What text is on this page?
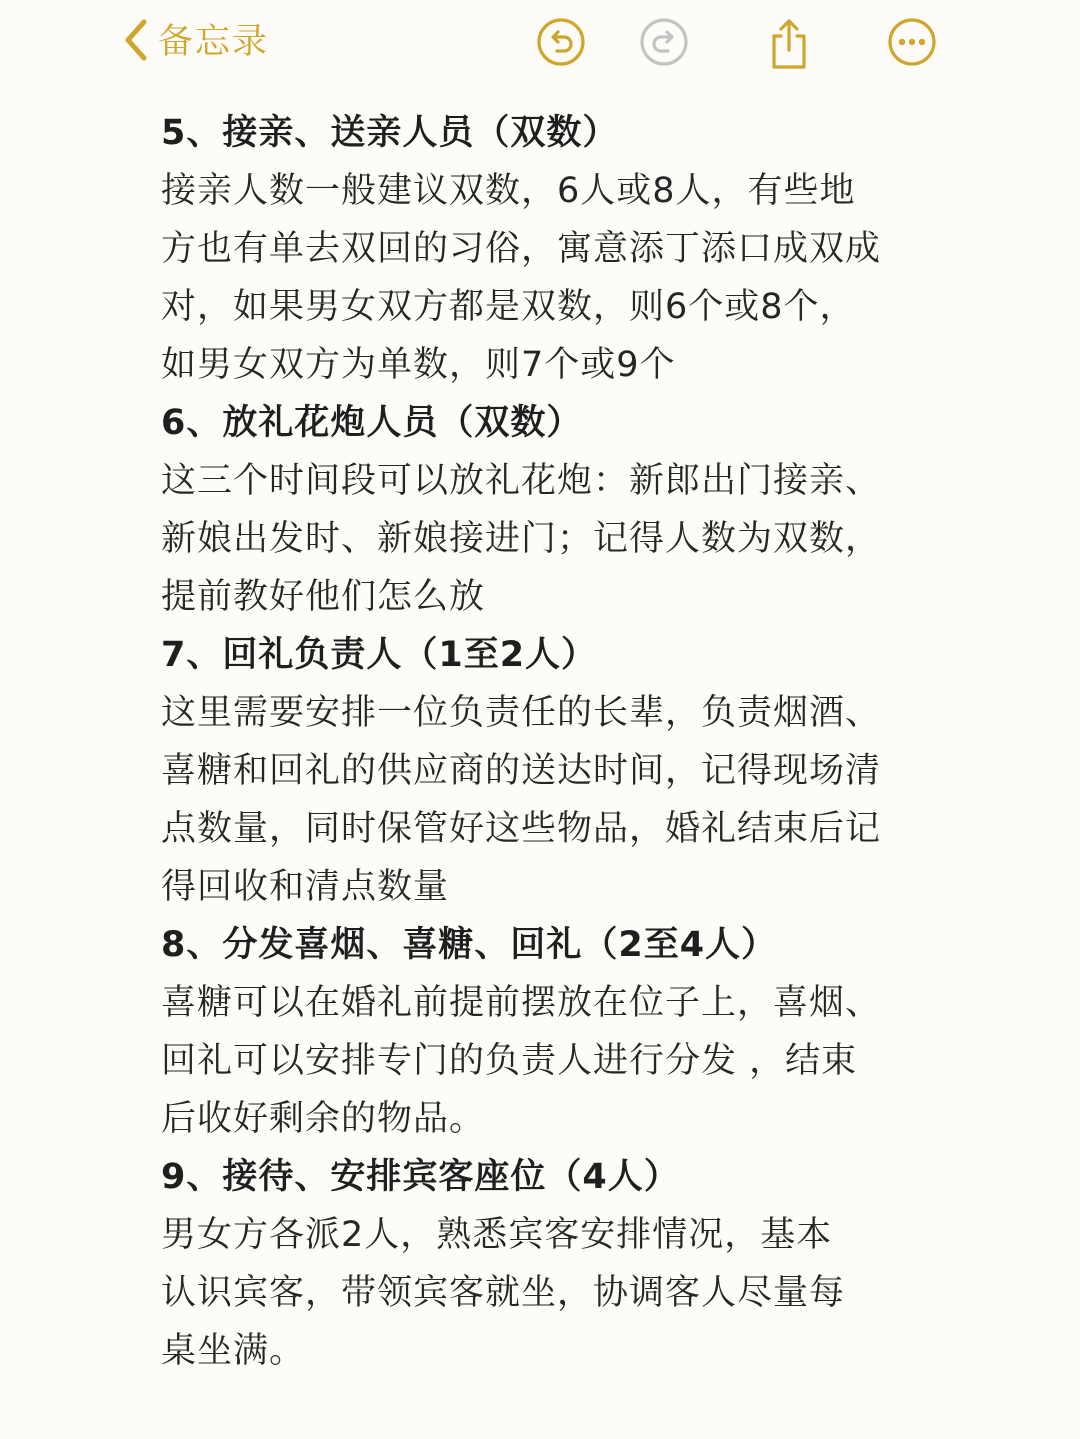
备忘录
5、接亲、送亲人员（双数）
接亲人数一般建议双数，6人或8人，有些地
方也有单去双回的习俗，寓意添丁添口成双成
对，如果男女双方都是双数，则6个或8个，
如男女双方为单数，则7个或9个
6、放礼花炮人员（双数）
这三个时间段可以放礼花炮：新郎出门接亲、
新娘出发时、新娘接进门；记得人数为双数，
提前教好他们怎么放
7、回礼负责人（1至2人）
这里需要安排一位负责任的长辈，负责烟酒、
喜糖和回礼的供应商的送达时间，记得现场清
点数量，同时保管好这些物品，婚礼结束后记
得回收和清点数量
8、分发喜烟、喜糖、回礼（2至4人）
喜糖可以在婚礼前提前摆放在位子上，喜烟、
回礼可以安排专门的负责人进行分发 ，结束
后收好剩余的物品。
9、接待、安排宾客座位（4人）
男女方各派2人，熟悉宾客安排情况，基本
认识宾客，带领宾客就坐，协调客人尽量每
桌坐满。
